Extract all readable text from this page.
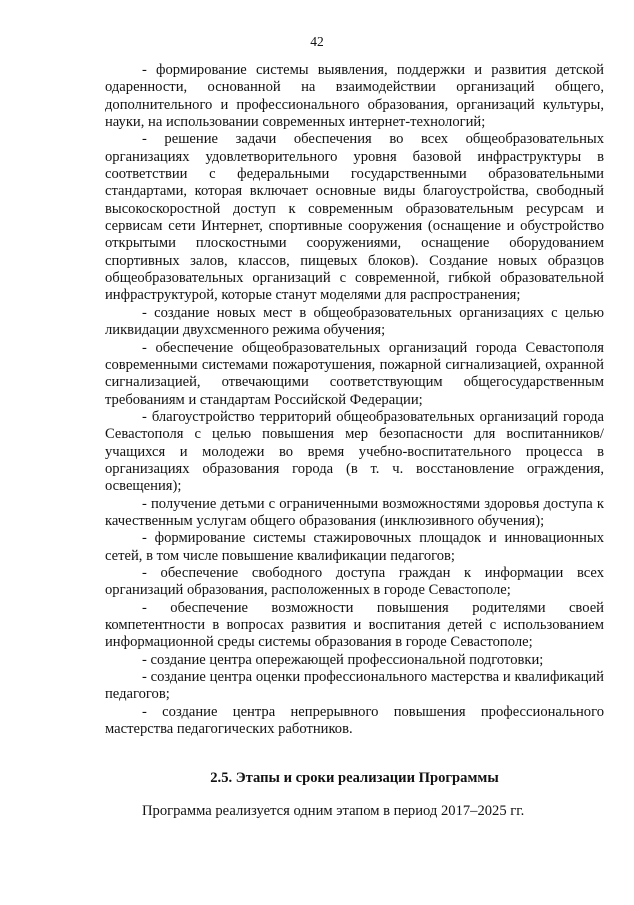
42

- формирование системы выявления, поддержки и развития детской одаренности, основанной на взаимодействии организаций общего, дополнительного и профессионального образования, организаций культуры, науки, на использовании современных интернет-технологий;

- решение задачи обеспечения во всех общеобразовательных организациях удовлетворительного уровня базовой инфраструктуры в соответствии с федеральными государственными образовательными стандартами, которая включает основные виды благоустройства, свободный высокоскоростной доступ к современным образовательным ресурсам и сервисам сети Интернет, спортивные сооружения (оснащение и обустройство открытыми плоскостными сооружениями, оснащение оборудованием спортивных залов, классов, пищевых блоков). Создание новых образцов общеобразовательных организаций с современной, гибкой образовательной инфраструктурой, которые станут моделями для распространения;

- создание новых мест в общеобразовательных организациях с целью ликвидации двухсменного режима обучения;

- обеспечение общеобразовательных организаций города Севастополя современными системами пожаротушения, пожарной сигнализацией, охранной сигнализацией, отвечающими соответствующим общегосударственным требованиям и стандартам Российской Федерации;

- благоустройство территорий общеобразовательных организаций города Севастополя с целью повышения мер безопасности для воспитанников/учащихся и молодежи во время учебно-воспитательного процесса в организациях образования города (в т. ч. восстановление ограждения, освещения);

- получение детьми с ограниченными возможностями здоровья доступа к качественным услугам общего образования (инклюзивного обучения);

- формирование системы стажировочных площадок и инновационных сетей, в том числе повышение квалификации педагогов;

- обеспечение свободного доступа граждан к информации всех организаций образования, расположенных в городе Севастополе;

- обеспечение возможности повышения родителями своей компетентности в вопросах развития и воспитания детей с использованием информационной среды системы образования в городе Севастополе;

- создание центра опережающей профессиональной подготовки;

- создание центра оценки профессионального мастерства и квалификаций педагогов;

- создание центра непрерывного повышения профессионального мастерства педагогических работников.

2.5. Этапы и сроки реализации Программы
Программа реализуется одним этапом в период 2017–2025 гг.
